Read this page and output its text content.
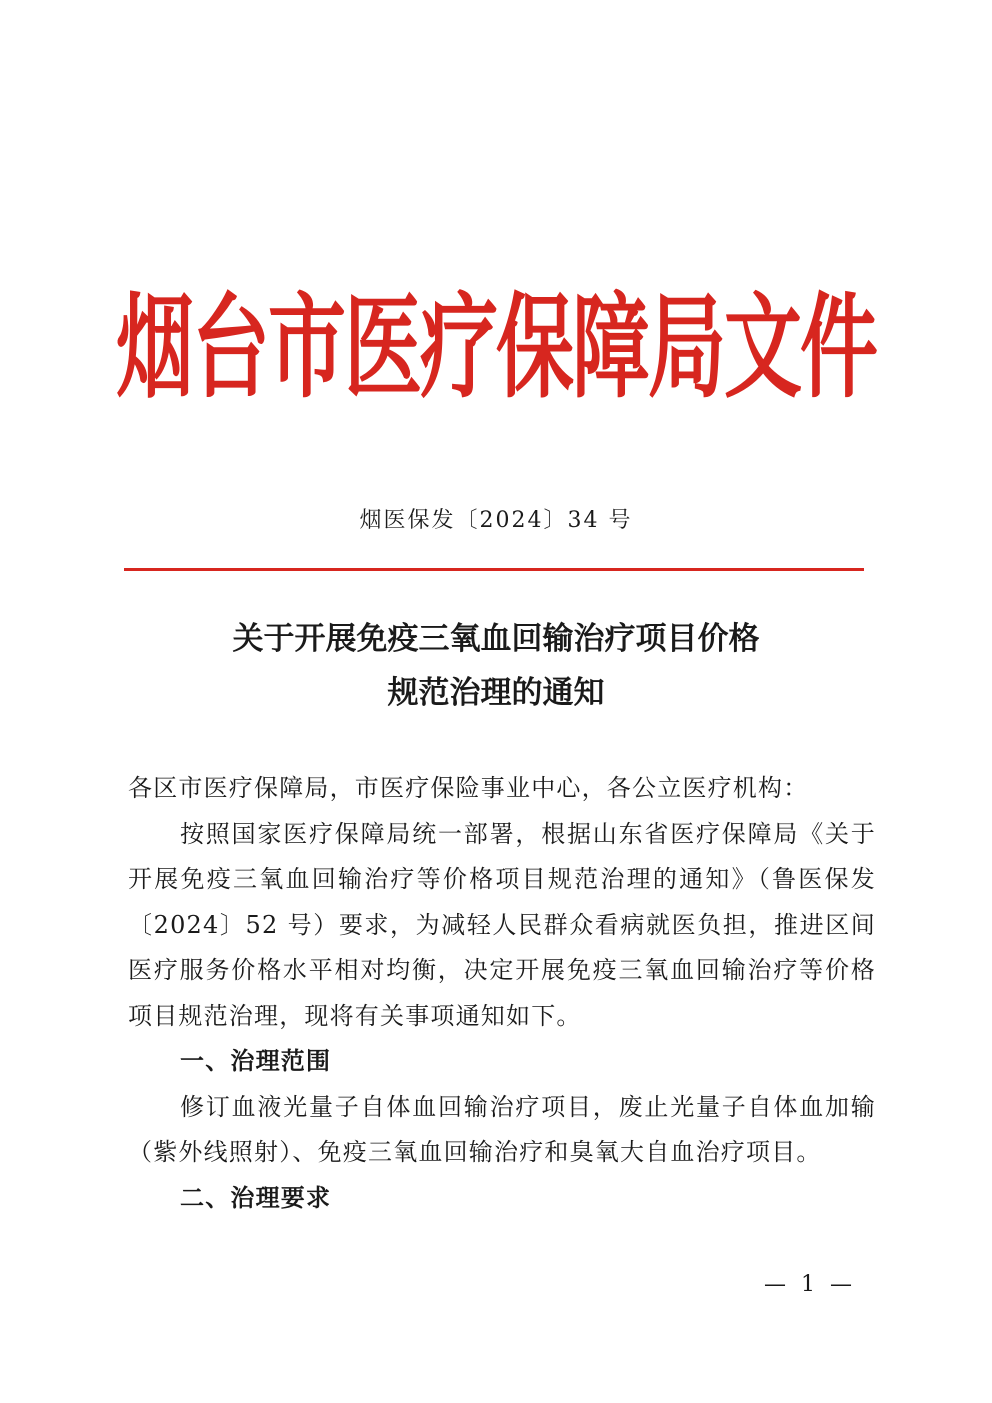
烟台市医疗保障局文件
烟医保发〔2024〕34 号
关于开展免疫三氧血回输治疗项目价格
规范治理的通知

各区市医疗保障局，市医疗保险事业中心，各公立医疗机构：

按照国家医疗保障局统一部署，根据山东省医疗保障局《关于开展免疫三氧血回输治疗等价格项目规范治理的通知》（鲁医保发〔2024〕52 号）要求，为减轻人民群众看病就医负担，推进区间医疗服务价格水平相对均衡，决定开展免疫三氧血回输治疗等价格项目规范治理，现将有关事项通知如下。

一、治理范围

修订血液光量子自体血回输治疗项目，废止光量子自体血加输（紫外线照射）、免疫三氧血回输治疗和臭氧大自血治疗项目。

二、治理要求

— 1 —
